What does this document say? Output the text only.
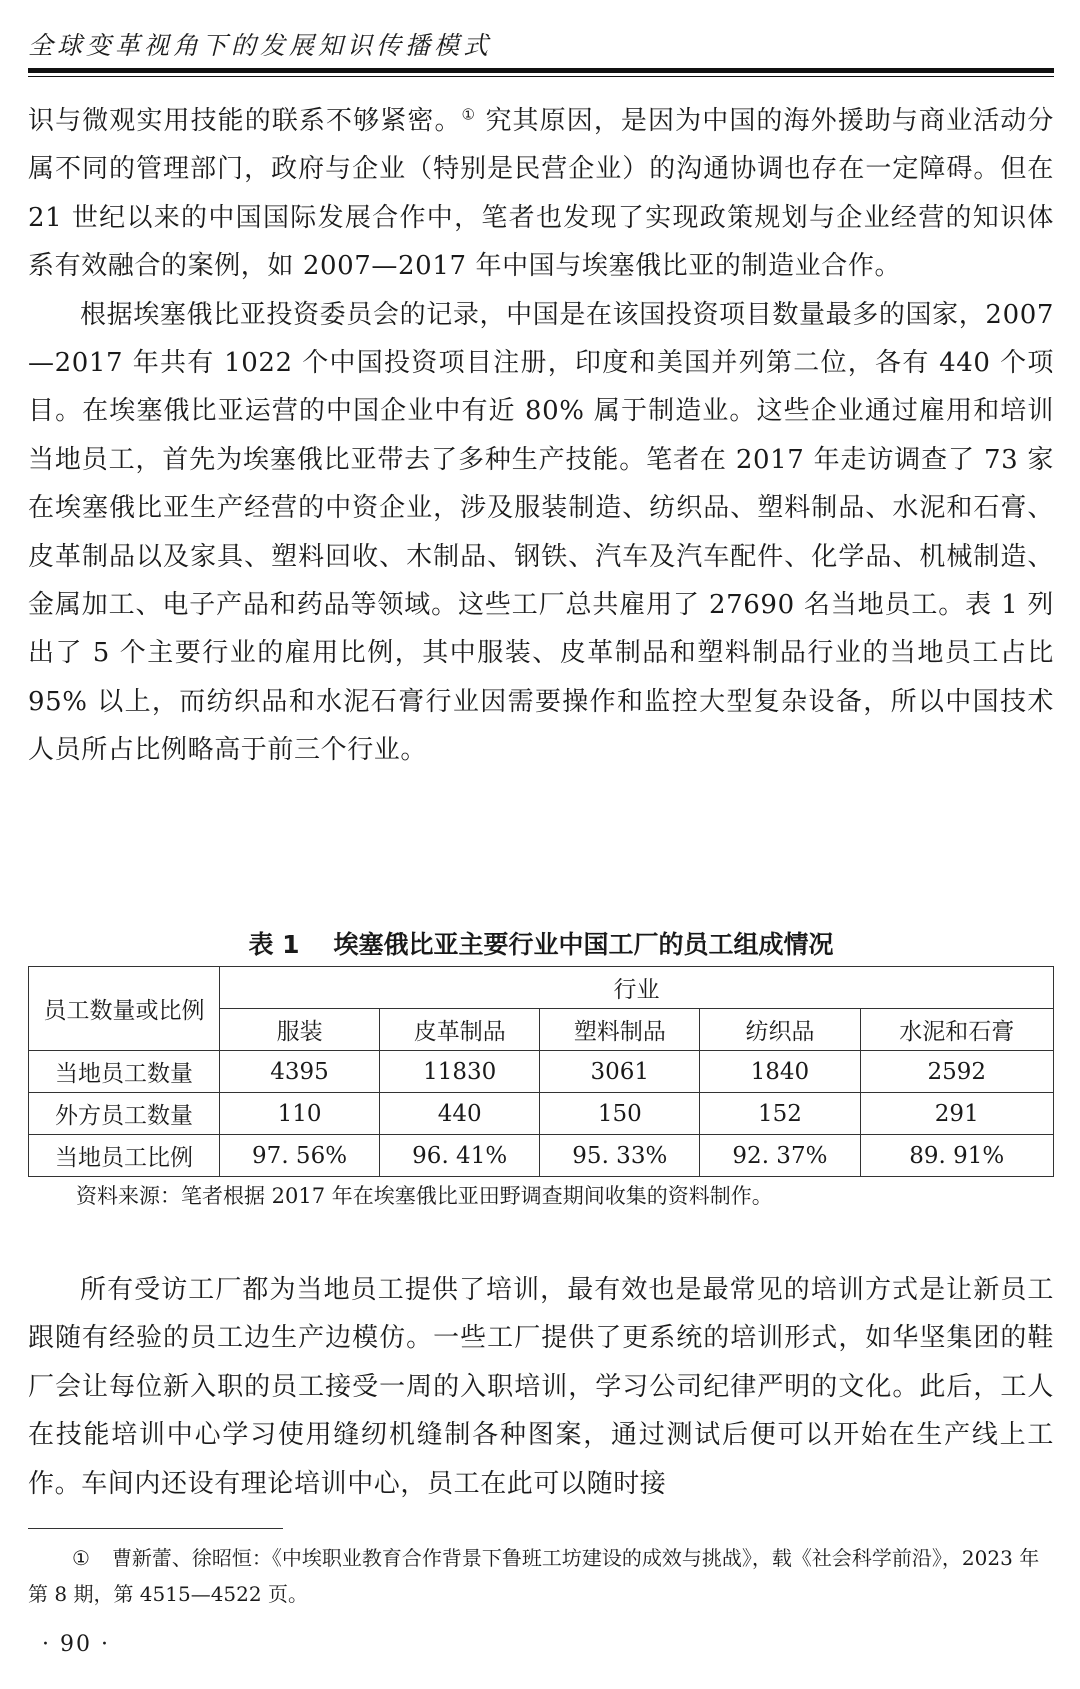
全球变革视角下的发展知识传播模式

识与微观实用技能的联系不够紧密。① 究其原因，是因为中国的海外援助与商业活动分属不同的管理部门，政府与企业（特别是民营企业）的沟通协调也存在一定障碍。但在 21 世纪以来的中国国际发展合作中，笔者也发现了实现政策规划与企业经营的知识体系有效融合的案例，如 2007—2017 年中国与埃塞俄比亚的制造业合作。

根据埃塞俄比亚投资委员会的记录，中国是在该国投资项目数量最多的国家，2007—2017 年共有 1022 个中国投资项目注册，印度和美国并列第二位，各有 440 个项目。在埃塞俄比亚运营的中国企业中有近 80% 属于制造业。这些企业通过雇用和培训当地员工，首先为埃塞俄比亚带去了多种生产技能。笔者在 2017 年走访调查了 73 家在埃塞俄比亚生产经营的中资企业，涉及服装制造、纺织品、塑料制品、水泥和石膏、皮革制品以及家具、塑料回收、木制品、钢铁、汽车及汽车配件、化学品、机械制造、金属加工、电子产品和药品等领域。这些工厂总共雇用了 27690 名当地员工。表 1 列出了 5 个主要行业的雇用比例，其中服装、皮革制品和塑料制品行业的当地员工占比 95% 以上，而纺织品和水泥石膏行业因需要操作和监控大型复杂设备，所以中国技术人员所占比例略高于前三个行业。

表 1 埃塞俄比亚主要行业中国工厂的员工组成情况
员工数量或比例	行业				
	服装	皮革制品	塑料制品	纺织品	水泥和石膏
当地员工数量	4395	11830	3061	1840	2592
外方员工数量	110	440	150	152	291
当地员工比例	97. 56%	96. 41%	95. 33%	92. 37%	89. 91%
资料来源：笔者根据 2017 年在埃塞俄比亚田野调查期间收集的资料制作。

所有受访工厂都为当地员工提供了培训，最有效也是最常见的培训方式是让新员工跟随有经验的员工边生产边模仿。一些工厂提供了更系统的培训形式，如华坚集团的鞋厂会让每位新入职的员工接受一周的入职培训，学习公司纪律严明的文化。此后，工人在技能培训中心学习使用缝纫机缝制各种图案，通过测试后便可以开始在生产线上工作。车间内还设有理论培训中心，员工在此可以随时接

① 曹新蕾、徐昭恒：《中埃职业教育合作背景下鲁班工坊建设的成效与挑战》，载《社会科学前沿》，2023 年第 8 期，第 4515—4522 页。
· 90 ·
